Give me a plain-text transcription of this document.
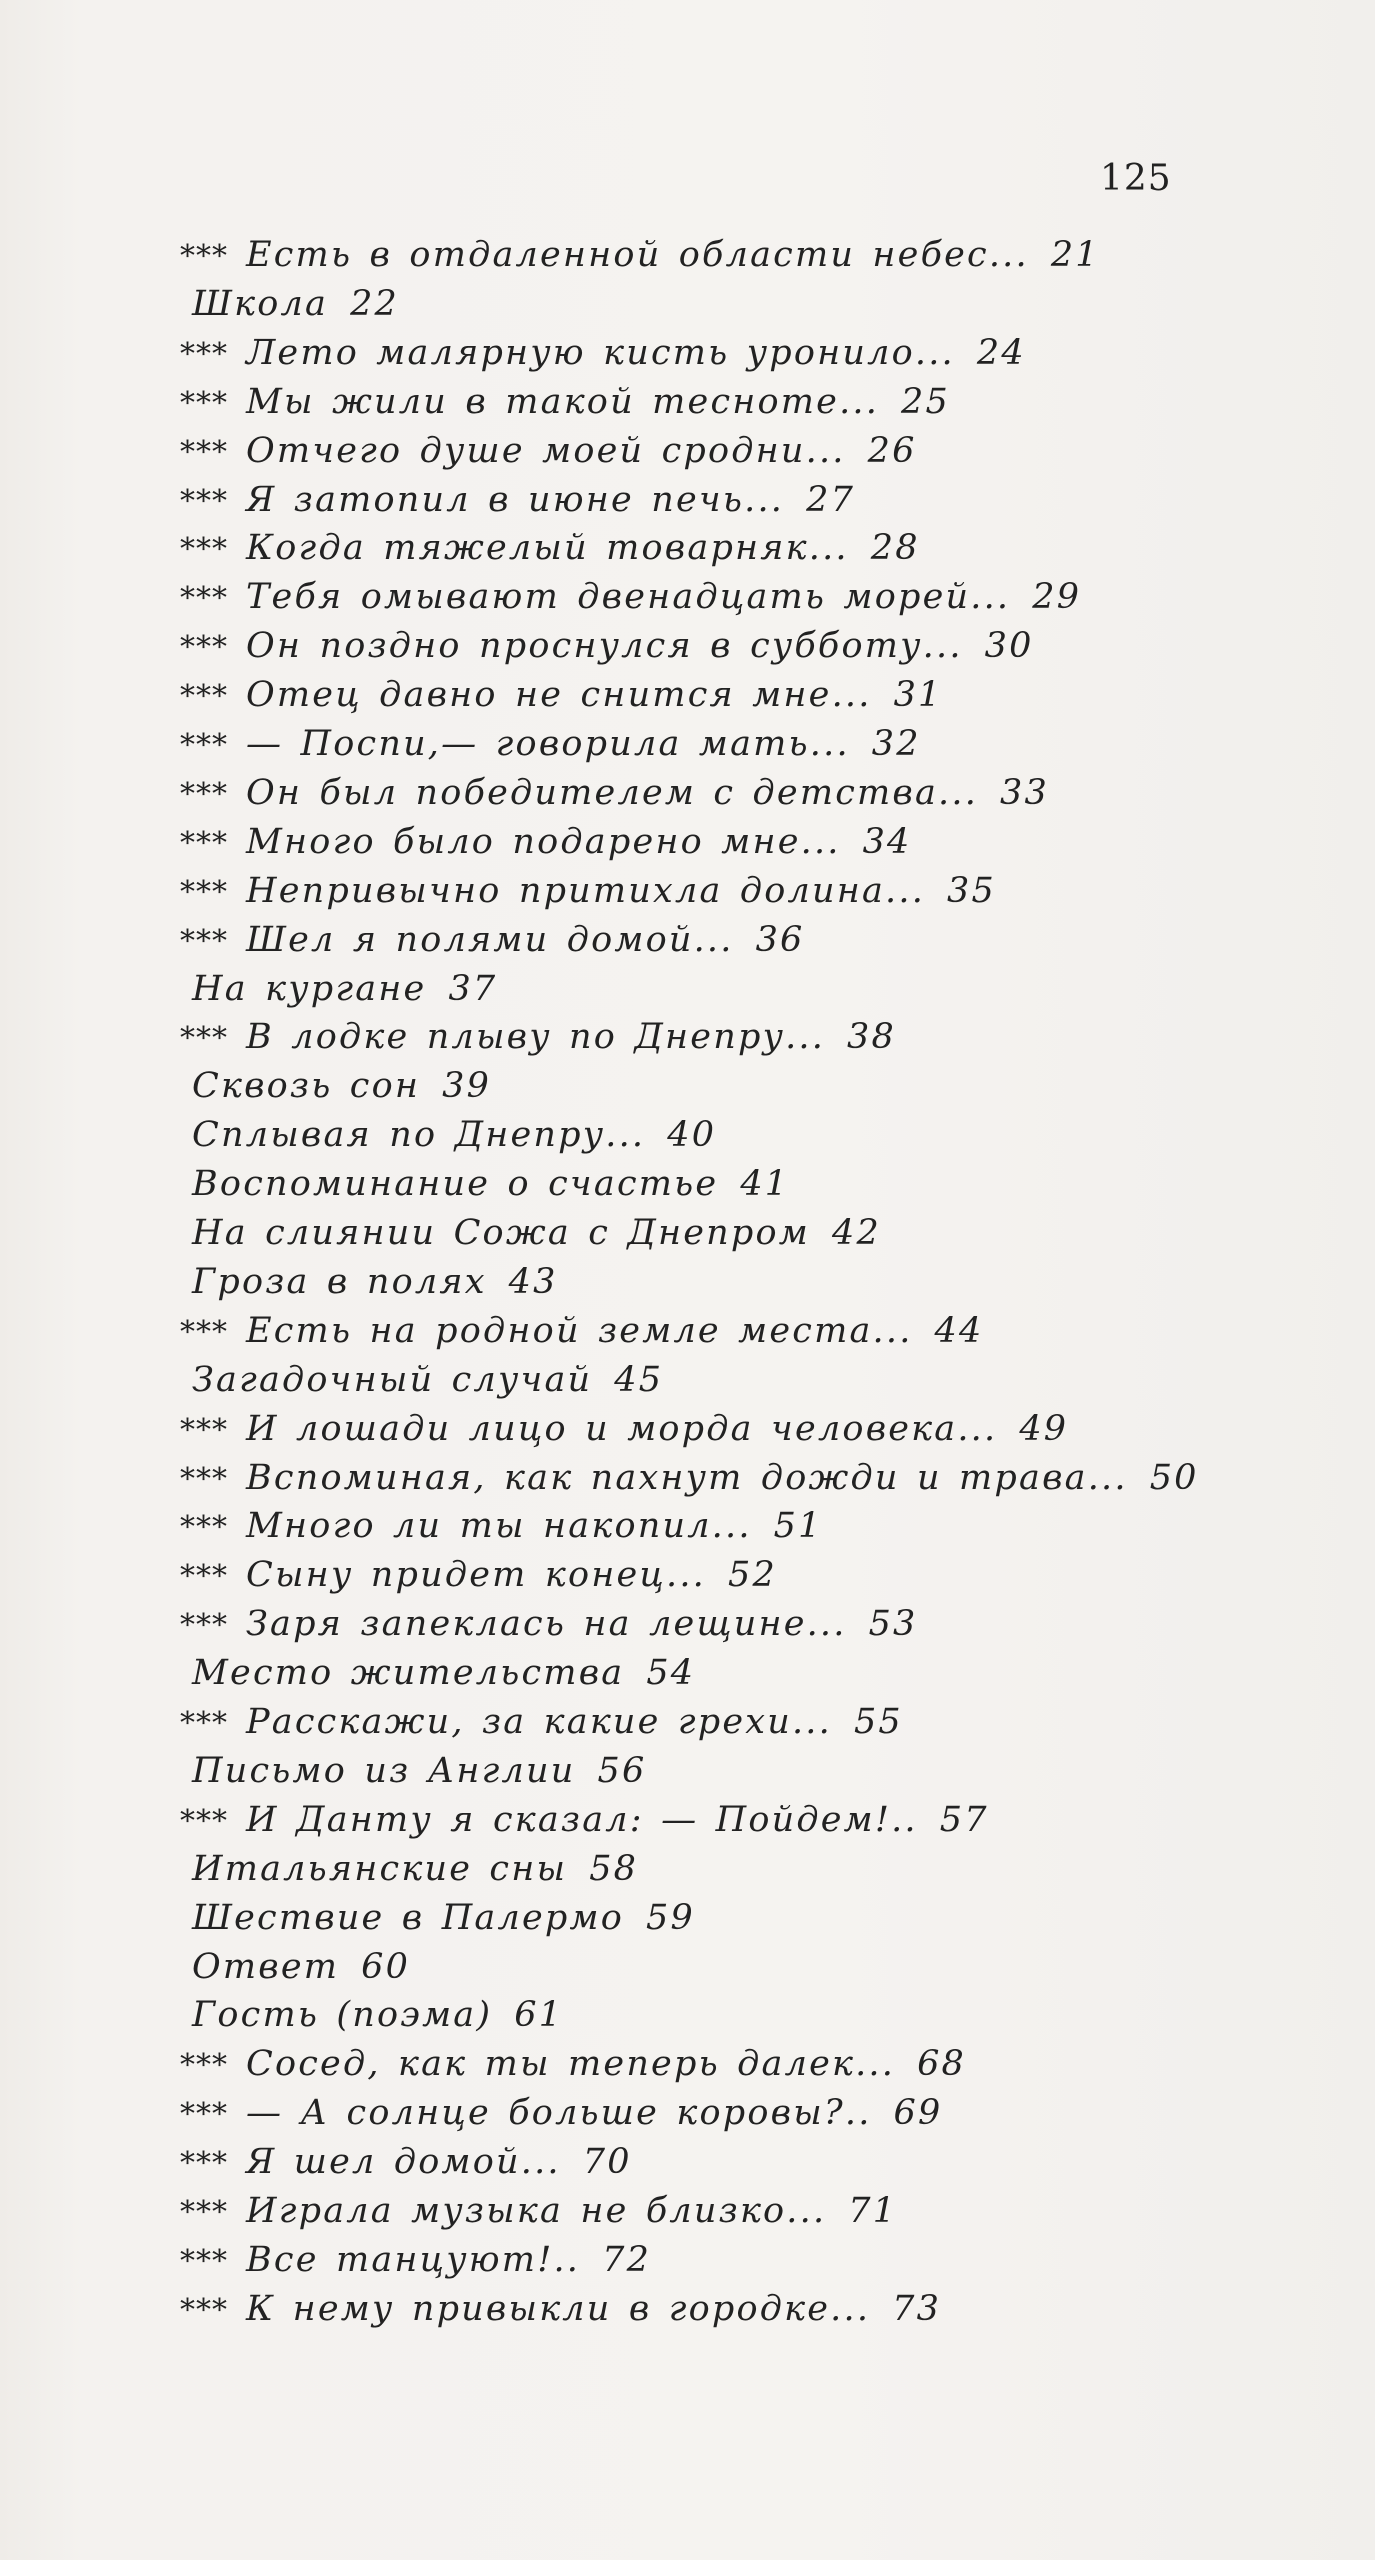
125
*** Есть в отдаленной области небес... 21
Школа 22
*** Лето малярную кисть уронило... 24
*** Мы жили в такой тесноте... 25
*** Отчего душе моей сродни... 26
*** Я затопил в июне печь... 27
*** Когда тяжелый товарняк... 28
*** Тебя омывают двенадцать морей... 29
*** Он поздно проснулся в субботу... 30
*** Отец давно не снится мне... 31
*** — Поспи,— говорила мать... 32
*** Он был победителем с детства... 33
*** Много было подарено мне... 34
*** Непривычно притихла долина... 35
*** Шел я полями домой... 36
На кургане 37
*** В лодке плыву по Днепру... 38
Сквозь сон 39
Сплывая по Днепру... 40
Воспоминание о счастье 41
На слиянии Сожа с Днепром 42
Гроза в полях 43
*** Есть на родной земле места... 44
Загадочный случай 45
*** И лошади лицо и морда человека... 49
*** Вспоминая, как пахнут дожди и трава... 50
*** Много ли ты накопил... 51
*** Сыну придет конец... 52
*** Заря запеклась на лещине... 53
Место жительства 54
*** Расскажи, за какие грехи... 55
Письмо из Англии 56
*** И Данту я сказал: — Пойдем!.. 57
Итальянские сны 58
Шествие в Палермо 59
Ответ 60
Гость (поэма) 61
*** Сосед, как ты теперь далек... 68
*** — А солнце больше коровы?.. 69
*** Я шел домой... 70
*** Играла музыка не близко... 71
*** Все танцуют!.. 72
*** К нему привыкли в городке... 73
